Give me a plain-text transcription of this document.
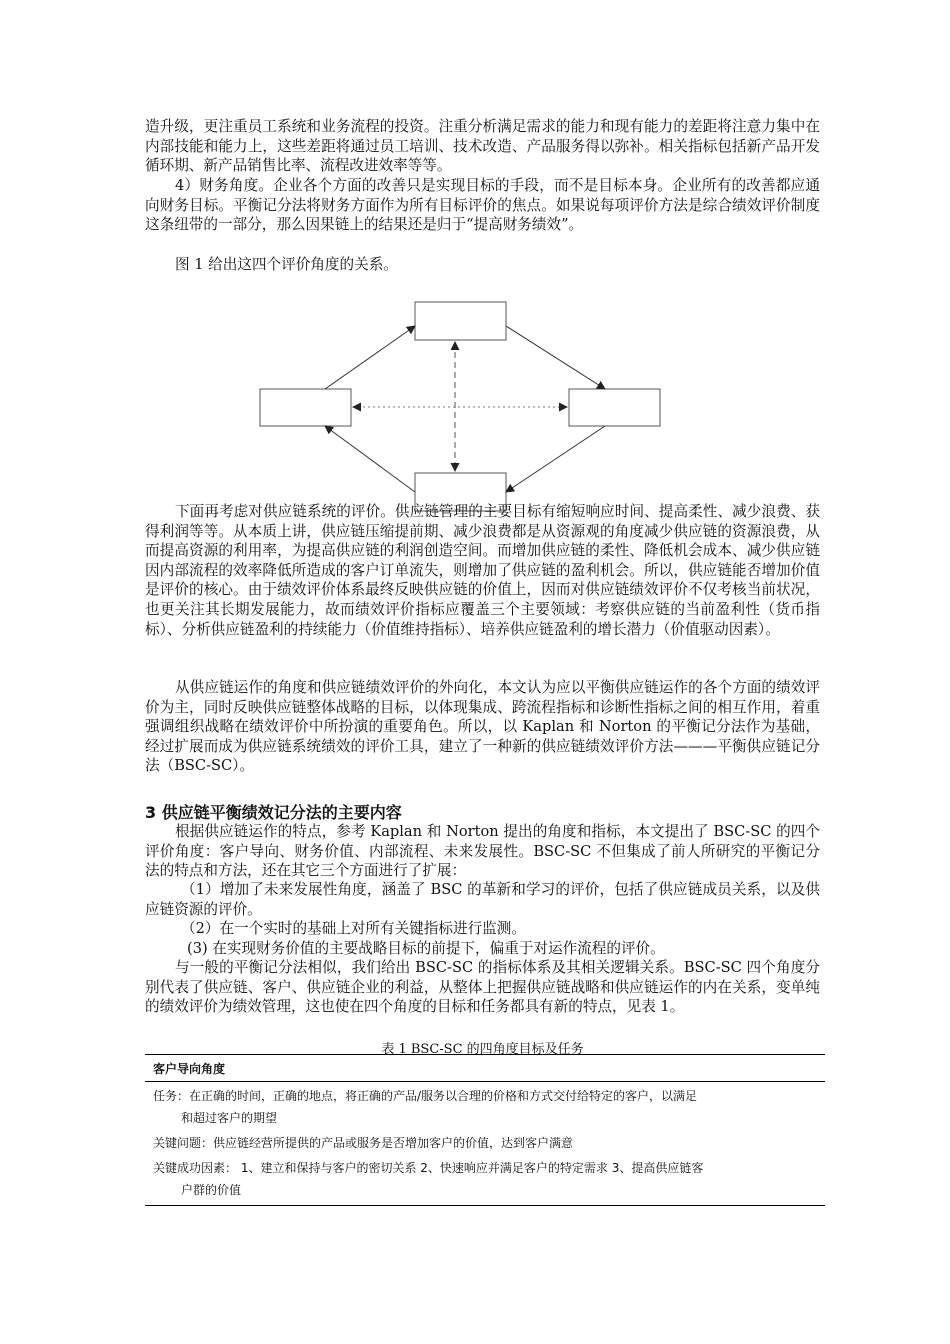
造升级，更注重员工系统和业务流程的投资。注重分析满足需求的能力和现有能力的差距将注意力集中在内部技能和能力上，这些差距将通过员工培训、技术改造、产品服务得以弥补。相关指标包括新产品开发循环期、新产品销售比率、流程改进效率等等。

4）财务角度。企业各个方面的改善只是实现目标的手段，而不是目标本身。企业所有的改善都应通向财务目标。平衡记分法将财务方面作为所有目标评价的焦点。如果说每项评价方法是综合绩效评价制度这条纽带的一部分，那么因果链上的结果还是归于“提高财务绩效”。

图 1 给出这四个评价角度的关系。

下面再考虑对供应链系统的评价。供应链管理的主要目标有缩短响应时间、提高柔性、减少浪费、获得利润等等。从本质上讲，供应链压缩提前期、减少浪费都是从资源观的角度减少供应链的资源浪费，从而提高资源的利用率，为提高供应链的利润创造空间。而增加供应链的柔性、降低机会成本、减少供应链因内部流程的效率降低所造成的客户订单流失，则增加了供应链的盈利机会。所以，供应链能否增加价值是评价的核心。由于绩效评价体系最终反映供应链的价值上，因而对供应链绩效评价不仅考核当前状况，也更关注其长期发展能力，故而绩效评价指标应覆盖三个主要领域：考察供应链的当前盈利性（货币指标）、分析供应链盈利的持续能力（价值维持指标）、培养供应链盈利的增长潜力（价值驱动因素）。

从供应链运作的角度和供应链绩效评价的外向化，本文认为应以平衡供应链运作的各个方面的绩效评价为主，同时反映供应链整体战略的目标，以体现集成、跨流程指标和诊断性指标之间的相互作用，着重强调组织战略在绩效评价中所扮演的重要角色。所以，以 Kaplan 和 Norton 的平衡记分法作为基础，经过扩展而成为供应链系统绩效的评价工具，建立了一种新的供应链绩效评价方法———平衡供应链记分法（BSC-SC）。

3 供应链平衡绩效记分法的主要内容

根据供应链运作的特点，参考 Kaplan 和 Norton 提出的角度和指标，本文提出了 BSC-SC 的四个评价角度：客户导向、财务价值、内部流程、未来发展性。BSC-SC 不但集成了前人所研究的平衡记分法的特点和方法，还在其它三个方面进行了扩展：

（1）增加了未来发展性角度，涵盖了 BSC 的革新和学习的评价，包括了供应链成员关系，以及供应链资源的评价。

（2）在一个实时的基础上对所有关键指标进行监测。

(3) 在实现财务价值的主要战略目标的前提下，偏重于对运作流程的评价。

与一般的平衡记分法相似，我们给出 BSC-SC 的指标体系及其相关逻辑关系。BSC-SC 四个角度分别代表了供应链、客户、供应链企业的利益，从整体上把握供应链战略和供应链运作的内在关系，变单纯的绩效评价为绩效管理，这也使在四个角度的目标和任务都具有新的特点，见表 1。

表 1 BSC-SC 的四角度目标及任务
客户导向角度
任务：在正确的时间，正确的地点，将正确的产品/服务以合理的价格和方式交付给特定的客户，以满足
和超过客户的期望
关键问题：供应链经营所提供的产品或服务是否增加客户的价值，达到客户满意
关键成功因素： 1、建立和保持与客户的密切关系 2、快速响应并满足客户的特定需求 3、提高供应链客
户群的价值
